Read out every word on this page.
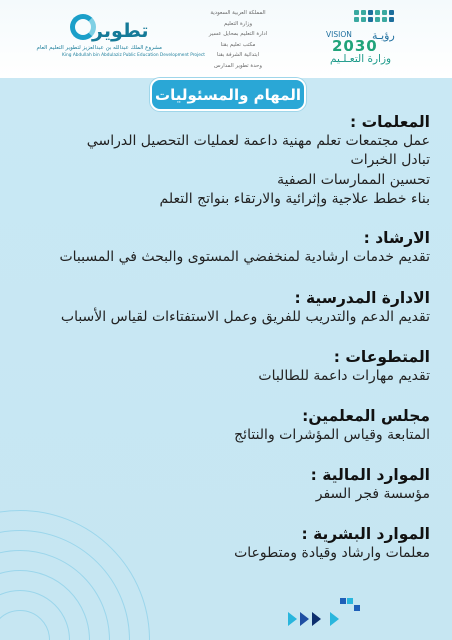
تطوير
مشروع الملك عبدالله بن عبدالعزيز لتطوير التعليم العام
King Abdullah bin Abdulaziz Public Education Development Project
المملكة العربية السعودية
وزارة التعليم
ادارة التعليم بمحايل عسير
مكتب تعليم بقنا
ابتدائية الشرفة بقنا
وحدة تطوير المدارس
VISION
2030
رؤيـة
وزارة التعـلـيم
المهام والمسئوليات
المعلمات :
عمل مجتمعات تعلم مهنية داعمة لعمليات التحصيل الدراسي
تبادل الخبرات
تحسين الممارسات الصفية
بناء خطط علاجية وإثرائية والارتقاء بنواتج التعلم
الارشاد :
تقديم خدمات ارشادية لمنخفضي المستوى والبحث في المسببات
الادارة المدرسية :
تقديم الدعم والتدريب للفريق وعمل الاستفتاءات لقياس الأسباب
المتطوعات :
تقديم مهارات داعمة للطالبات
مجلس المعلمين:
المتابعة وقياس المؤشرات والنتائج
الموارد المالية :
مؤسسة فجر السفر
الموارد البشرية :
معلمات وارشاد وقيادة ومتطوعات
